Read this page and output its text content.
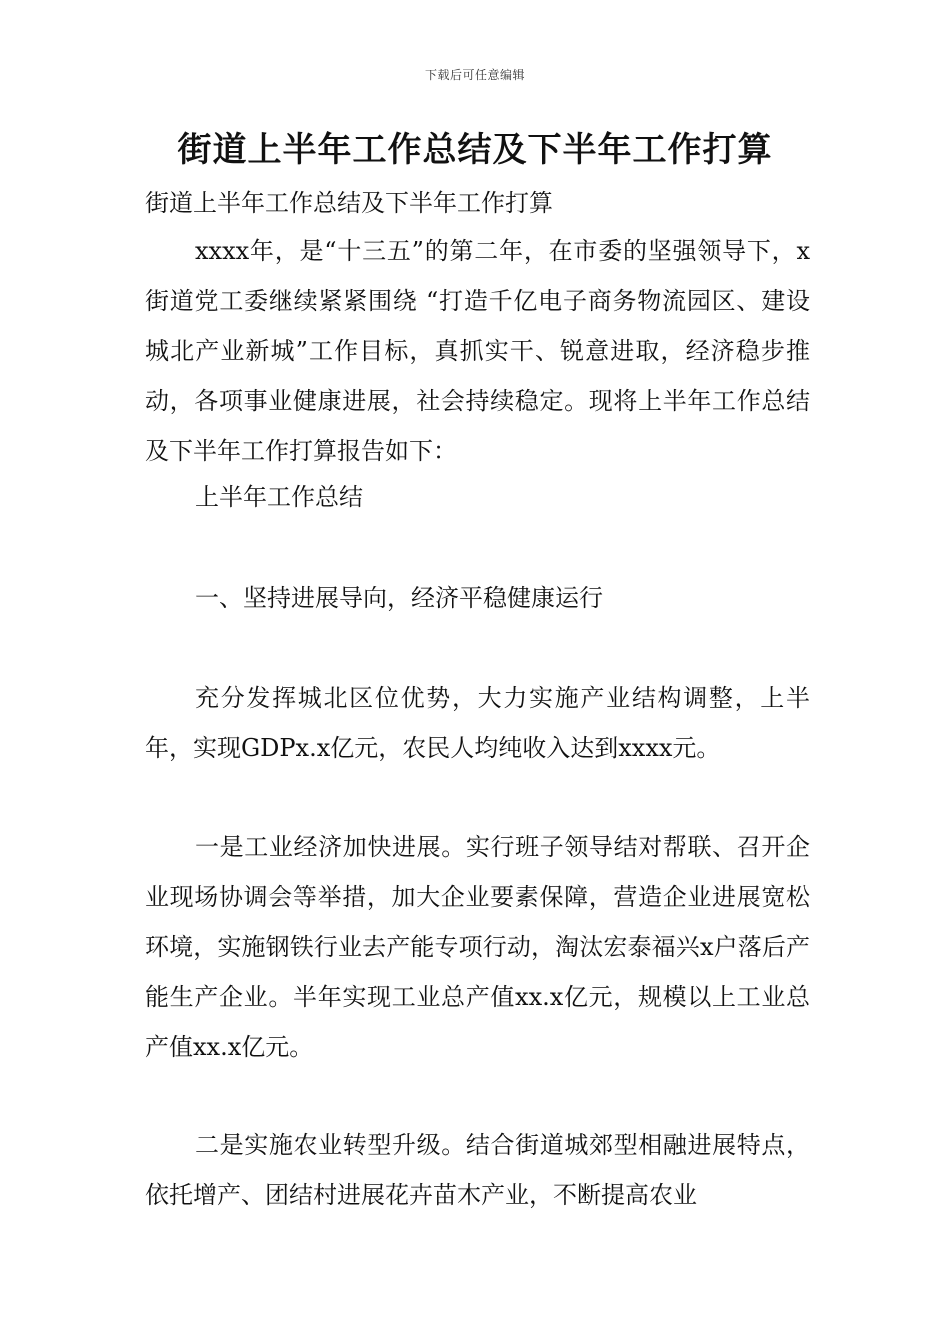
下载后可任意编辑
街道上半年工作总结及下半年工作打算

街道上半年工作总结及下半年工作打算

xxxx年，是“十三五”的第二年，在市委的坚强领导下，x街道党工委继续紧紧围绕 “打造千亿电子商务物流园区、建设城北产业新城”工作目标，真抓实干、锐意进取，经济稳步推动，各项事业健康进展，社会持续稳定。现将上半年工作总结及下半年工作打算报告如下：

上半年工作总结

一、坚持进展导向，经济平稳健康运行

充分发挥城北区位优势，大力实施产业结构调整，上半年，实现GDPx.x亿元，农民人均纯收入达到xxxx元。

一是工业经济加快进展。实行班子领导结对帮联、召开企业现场协调会等举措，加大企业要素保障，营造企业进展宽松环境，实施钢铁行业去产能专项行动，淘汰宏泰福兴x户落后产能生产企业。半年实现工业总产值xx.x亿元，规模以上工业总产值xx.x亿元。

二是实施农业转型升级。结合街道城郊型相融进展特点，依托增产、团结村进展花卉苗木产业，不断提高农业
